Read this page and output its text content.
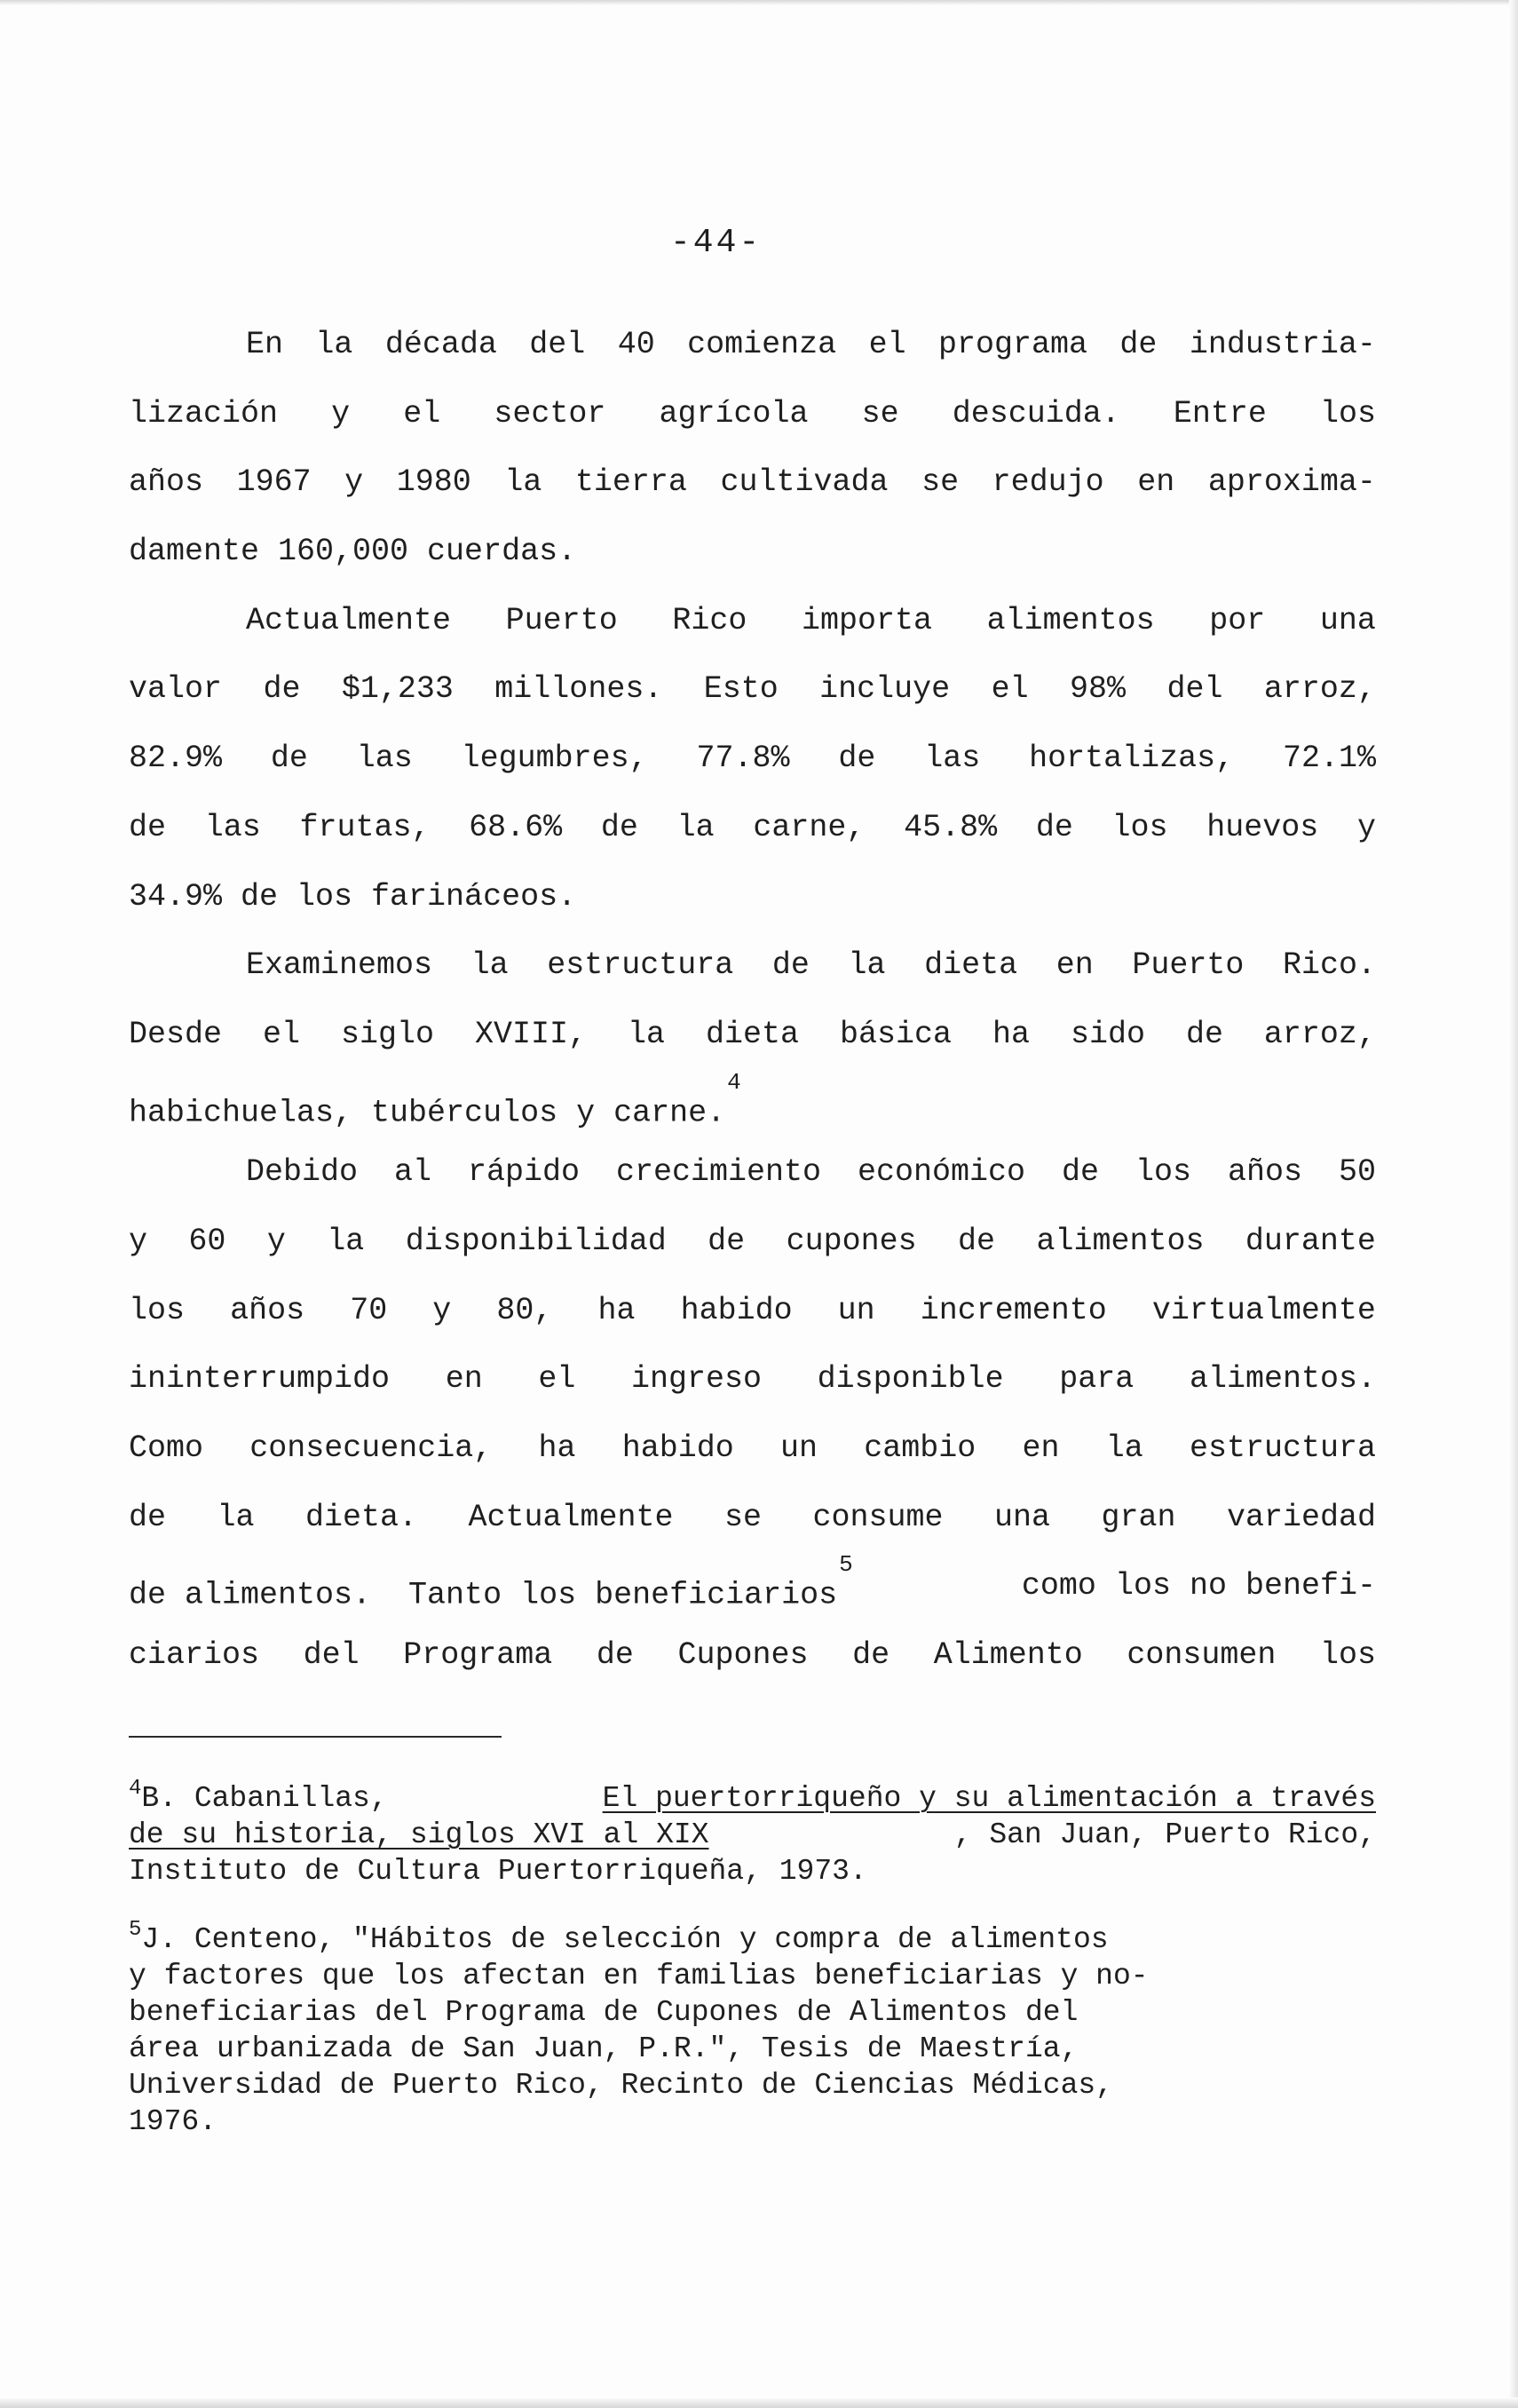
-44-

En la década del 40 comienza el programa de industria-
lización y el sector agrícola se descuida. Entre los
años 1967 y 1980 la tierra cultivada se redujo en aproxima-
damente 160,000 cuerdas.
Actualmente Puerto Rico importa alimentos por una
valor de $1,233 millones. Esto incluye el 98% del arroz,
82.9% de las legumbres, 77.8% de las hortalizas, 72.1%
de las frutas, 68.6% de la carne, 45.8% de los huevos y
34.9% de los farináceos.
Examinemos la estructura de la dieta en Puerto Rico.
Desde el siglo XVIII, la dieta básica ha sido de arroz,
habichuelas, tubérculos y carne.$^4$
Debido al rápido crecimiento económico de los años 50
y 60 y la disponibilidad de cupones de alimentos durante
los años 70 y 80, ha habido un incremento virtualmente
ininterrumpido en el ingreso disponible para alimentos.
Como consecuencia, ha habido un cambio en la estructura
de la dieta. Actualmente se consume una gran variedad
de alimentos.  Tanto los beneficiarios$^5$
como los no benefi-
ciarios del Programa de Cupones de Alimento consumen los
$^4$B. Cabanillas,	El puertorriqueño y su alimentación a través
de su historia, siglos XVI al XIX	, San Juan, Puerto Rico,
Instituto de Cultura Puertorriqueña, 1973.
$^5$J. Centeno, "Hábitos de selección y compra de alimentos
y factores que los afectan en familias beneficiarias y no-
beneficiarias del Programa de Cupones de Alimentos del
área urbanizada de San Juan, P.R.", Tesis de Maestría,
Universidad de Puerto Rico, Recinto de Ciencias Médicas,
1976.
